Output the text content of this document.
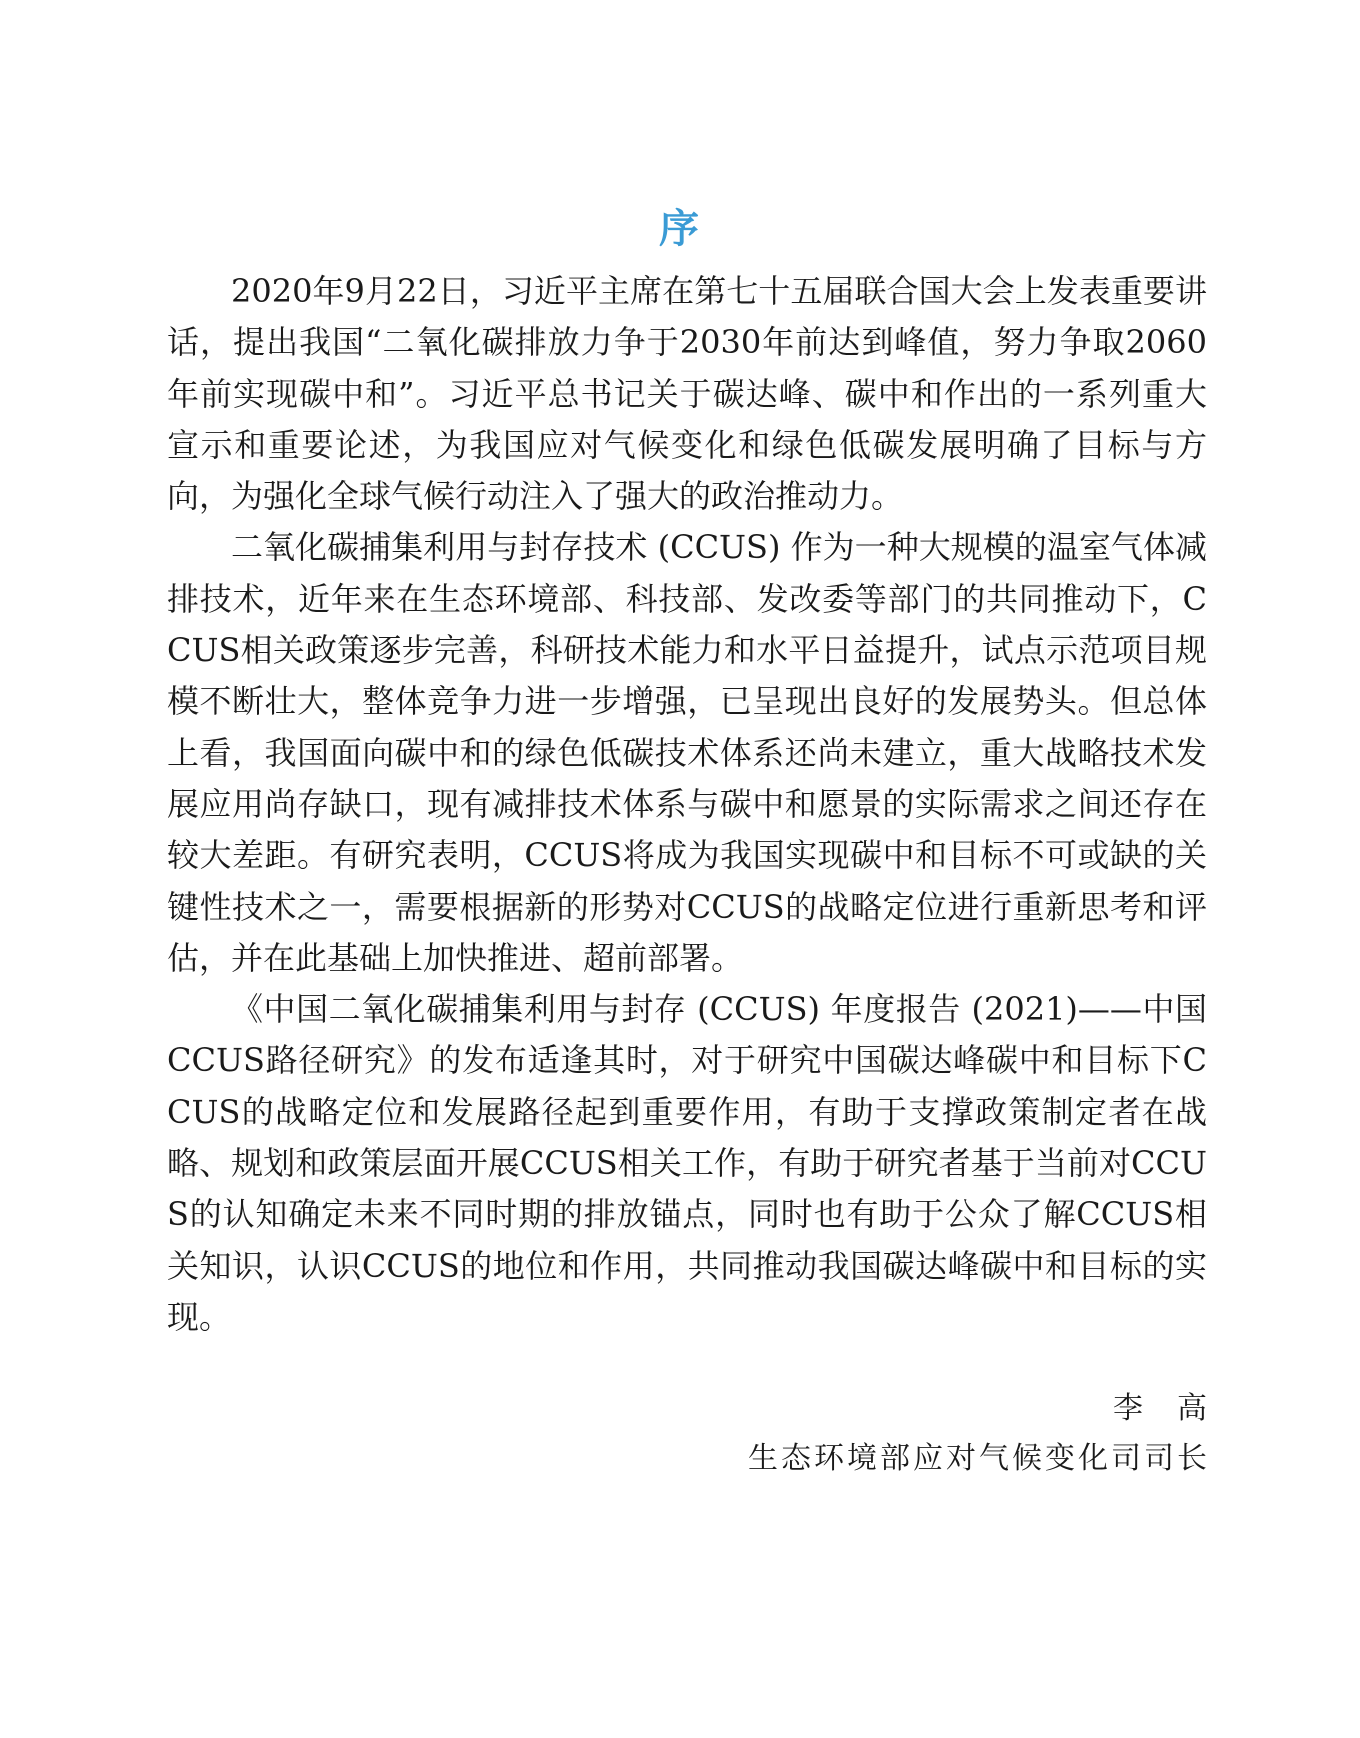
序

2020年9月22日，习近平主席在第七十五届联合国大会上发表重要讲话，提出我国“二氧化碳排放力争于2030年前达到峰值，努力争取2060年前实现碳中和”。习近平总书记关于碳达峰、碳中和作出的一系列重大宣示和重要论述，为我国应对气候变化和绿色低碳发展明确了目标与方向，为强化全球气候行动注入了强大的政治推动力。

二氧化碳捕集利用与封存技术 (CCUS) 作为一种大规模的温室气体减排技术，近年来在生态环境部、科技部、发改委等部门的共同推动下，CCUS相关政策逐步完善，科研技术能力和水平日益提升，试点示范项目规模不断壮大，整体竞争力进一步增强，已呈现出良好的发展势头。但总体上看，我国面向碳中和的绿色低碳技术体系还尚未建立，重大战略技术发展应用尚存缺口，现有减排技术体系与碳中和愿景的实际需求之间还存在较大差距。有研究表明，CCUS将成为我国实现碳中和目标不可或缺的关键性技术之一，需要根据新的形势对CCUS的战略定位进行重新思考和评估，并在此基础上加快推进、超前部署。

《中国二氧化碳捕集利用与封存 (CCUS) 年度报告 (2021)——中国CCUS路径研究》的发布适逢其时，对于研究中国碳达峰碳中和目标下CCUS的战略定位和发展路径起到重要作用，有助于支撑政策制定者在战略、规划和政策层面开展CCUS相关工作，有助于研究者基于当前对CCUS的认知确定未来不同时期的排放锚点，同时也有助于公众了解CCUS相关知识，认识CCUS的地位和作用，共同推动我国碳达峰碳中和目标的实现。

李高
生态环境部应对气候变化司司长
